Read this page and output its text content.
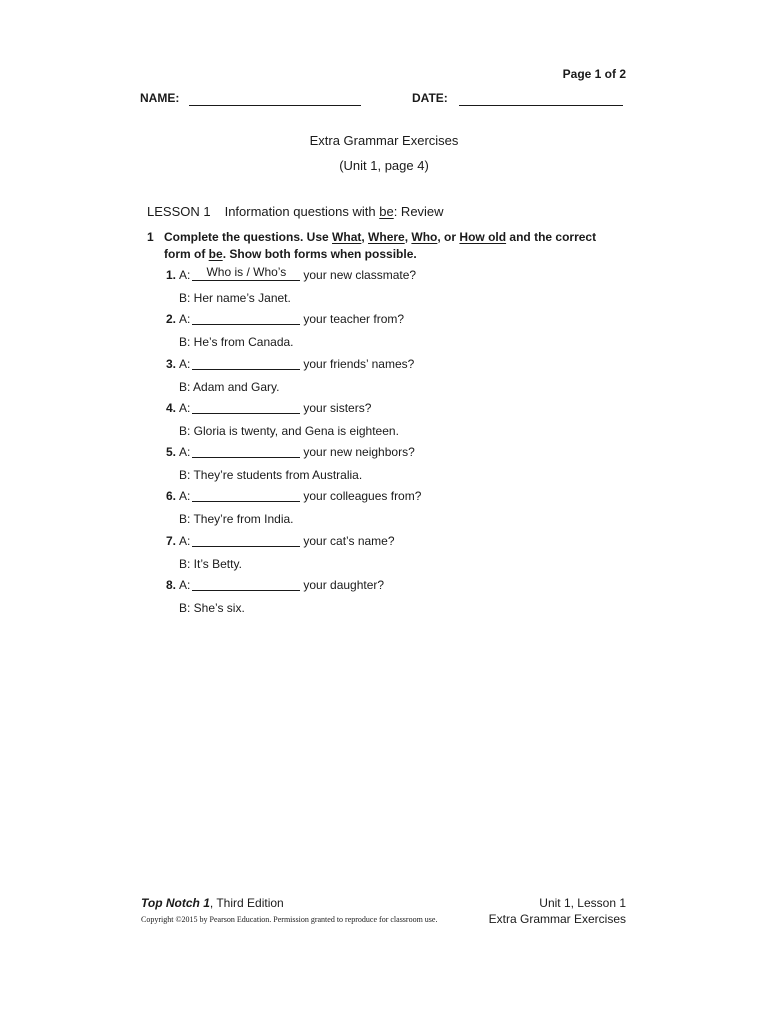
Page 1 of 2
NAME:	DATE:
Extra Grammar Exercises
(Unit 1, page 4)
LESSON 1 Information questions with be: Review
1 Complete the questions. Use What, Where, Who, or How old and the correct form of be. Show both forms when possible.
1. A:	Who is / Who’s	your new classmate?
B: Her name’s Janet.
2. A:	your teacher from?
B: He’s from Canada.
3. A:	your friends’ names?
B: Adam and Gary.
4. A:	your sisters?
B: Gloria is twenty, and Gena is eighteen.
5. A:	your new neighbors?
B: They’re students from Australia.
6. A:	your colleagues from?
B: They’re from India.
7. A:	your cat’s name?
B: It’s Betty.
8. A:	your daughter?
B: She’s six.
Top Notch 1, Third Edition
Copyright ©2015 by Pearson Education. Permission granted to reproduce for classroom use.
Unit 1, Lesson 1
Extra Grammar Exercises
